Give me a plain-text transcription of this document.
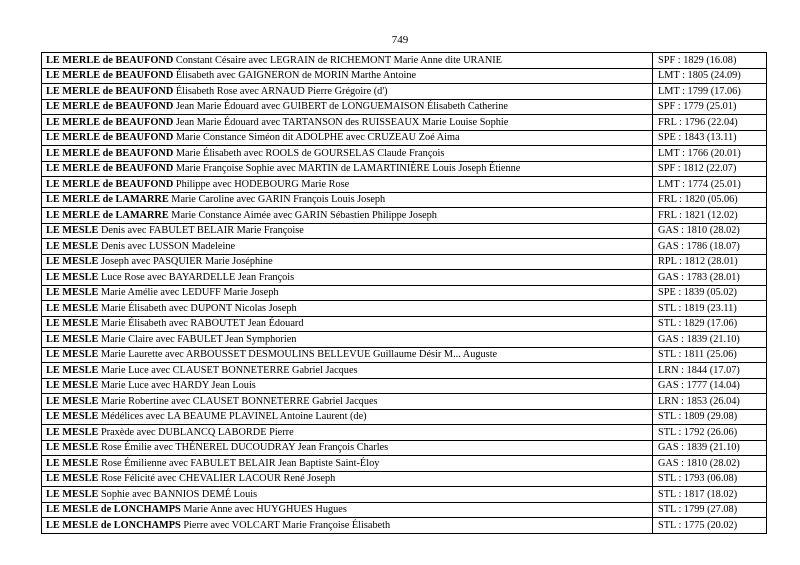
749
LE MERLE de BEAUFOND Constant Césaire avec LEGRAIN de RICHEMONT Marie Anne dite URANIE	SPF : 1829 (16.08)
LE MERLE de BEAUFOND Élisabeth avec GAIGNERON de MORIN Marthe Antoine	LMT : 1805 (24.09)
LE MERLE de BEAUFOND Élisabeth Rose avec ARNAUD Pierre Grégoire (d')	LMT : 1799 (17.06)
LE MERLE de BEAUFOND Jean Marie Édouard avec GUIBERT de LONGUEMAISON Élisabeth Catherine	SPF : 1779 (25.01)
LE MERLE de BEAUFOND Jean Marie Édouard avec TARTANSON des RUISSEAUX Marie Louise Sophie	FRL : 1796 (22.04)
LE MERLE de BEAUFOND Marie Constance Siméon dit ADOLPHE avec CRUZEAU Zoé Aima	SPE : 1843 (13.11)
LE MERLE de BEAUFOND Marie Élisabeth avec ROOLS de GOURSELAS Claude François	LMT : 1766 (20.01)
LE MERLE de BEAUFOND Marie Françoise Sophie avec MARTIN de LAMARTINIÈRE Louis Joseph Étienne	SPF : 1812 (22.07)
LE MERLE de BEAUFOND Philippe avec HODEBOURG Marie Rose	LMT : 1774 (25.01)
LE MERLE de LAMARRE Marie Caroline avec GARIN François Louis Joseph	FRL : 1820 (05.06)
LE MERLE de LAMARRE Marie Constance Aimée avec GARIN Sébastien Philippe Joseph	FRL : 1821 (12.02)
LE MESLE Denis avec FABULET BELAIR Marie Françoise	GAS : 1810 (28.02)
LE MESLE Denis avec LUSSON Madeleine	GAS : 1786 (18.07)
LE MESLE Joseph avec PASQUIER Marie Joséphine	RPL : 1812 (28.01)
LE MESLE Luce Rose avec BAYARDELLE Jean François	GAS : 1783 (28.01)
LE MESLE Marie Amélie avec LEDUFF Marie Joseph	SPE : 1839 (05.02)
LE MESLE Marie Élisabeth avec DUPONT Nicolas Joseph	STL : 1819 (23.11)
LE MESLE Marie Élisabeth avec RABOUTET Jean Édouard	STL : 1829 (17.06)
LE MESLE Marie Claire avec FABULET Jean Symphorien	GAS : 1839 (21.10)
LE MESLE Marie Laurette avec ARBOUSSET DESMOULINS BELLEVUE Guillaume Désir M... Auguste	STL : 1811 (25.06)
LE MESLE Marie Luce avec CLAUSET BONNETERRE Gabriel Jacques	LRN : 1844 (17.07)
LE MESLE Marie Luce avec HARDY Jean Louis	GAS : 1777 (14.04)
LE MESLE Marie Robertine avec CLAUSET BONNETERRE Gabriel Jacques	LRN : 1853 (26.04)
LE MESLE Médélices avec LA BEAUME PLAVINEL Antoine Laurent (de)	STL : 1809 (29.08)
LE MESLE Praxède avec DUBLANCQ LABORDE Pierre	STL : 1792 (26.06)
LE MESLE Rose Émilie avec THÉNEREL DUCOUDRAY Jean François Charles	GAS : 1839 (21.10)
LE MESLE Rose Émilienne avec FABULET BELAIR Jean Baptiste Saint-Éloy	GAS : 1810 (28.02)
LE MESLE Rose Félicité avec CHEVALIER LACOUR René Joseph	STL : 1793 (06.08)
LE MESLE Sophie avec BANNIOS DEMÉ Louis	STL : 1817 (18.02)
LE MESLE de LONCHAMPS Marie Anne avec HUYGHUES Hugues	STL : 1799 (27.08)
LE MESLE de LONCHAMPS Pierre avec VOLCART Marie Françoise Élisabeth	STL : 1775 (20.02)
